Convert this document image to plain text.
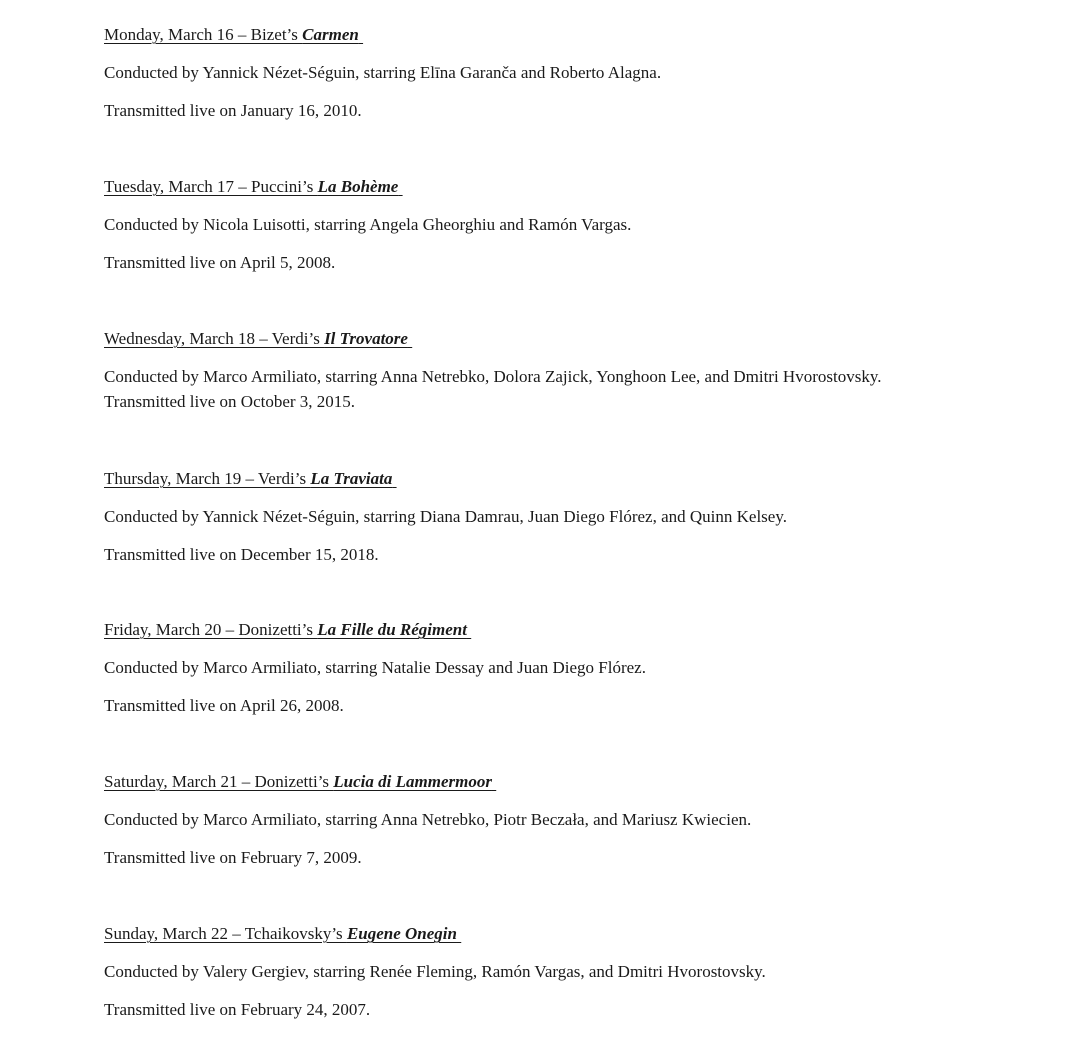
Monday, March 16 – Bizet’s Carmen
Conducted by Yannick Nézet-Séguin, starring Elīna Garanča and Roberto Alagna.
Transmitted live on January 16, 2010.
Tuesday, March 17 – Puccini’s La Bohème
Conducted by Nicola Luisotti, starring Angela Gheorghiu and Ramón Vargas.
Transmitted live on April 5, 2008.
Wednesday, March 18 – Verdi’s Il Trovatore
Conducted by Marco Armiliato, starring Anna Netrebko, Dolora Zajick, Yonghoon Lee, and Dmitri Hvorostovsky.
Transmitted live on October 3, 2015.
Thursday, March 19 – Verdi’s La Traviata
Conducted by Yannick Nézet-Séguin, starring Diana Damrau, Juan Diego Flórez, and Quinn Kelsey.
Transmitted live on December 15, 2018.
Friday, March 20 – Donizetti’s La Fille du Régiment
Conducted by Marco Armiliato, starring Natalie Dessay and Juan Diego Flórez.
Transmitted live on April 26, 2008.
Saturday, March 21 – Donizetti’s Lucia di Lammermoor
Conducted by Marco Armiliato, starring Anna Netrebko, Piotr Beczała, and Mariusz Kwiecien.
Transmitted live on February 7, 2009.
Sunday, March 22 – Tchaikovsky’s Eugene Onegin
Conducted by Valery Gergiev, starring Renée Fleming, Ramón Vargas, and Dmitri Hvorostovsky.
Transmitted live on February 24, 2007.
